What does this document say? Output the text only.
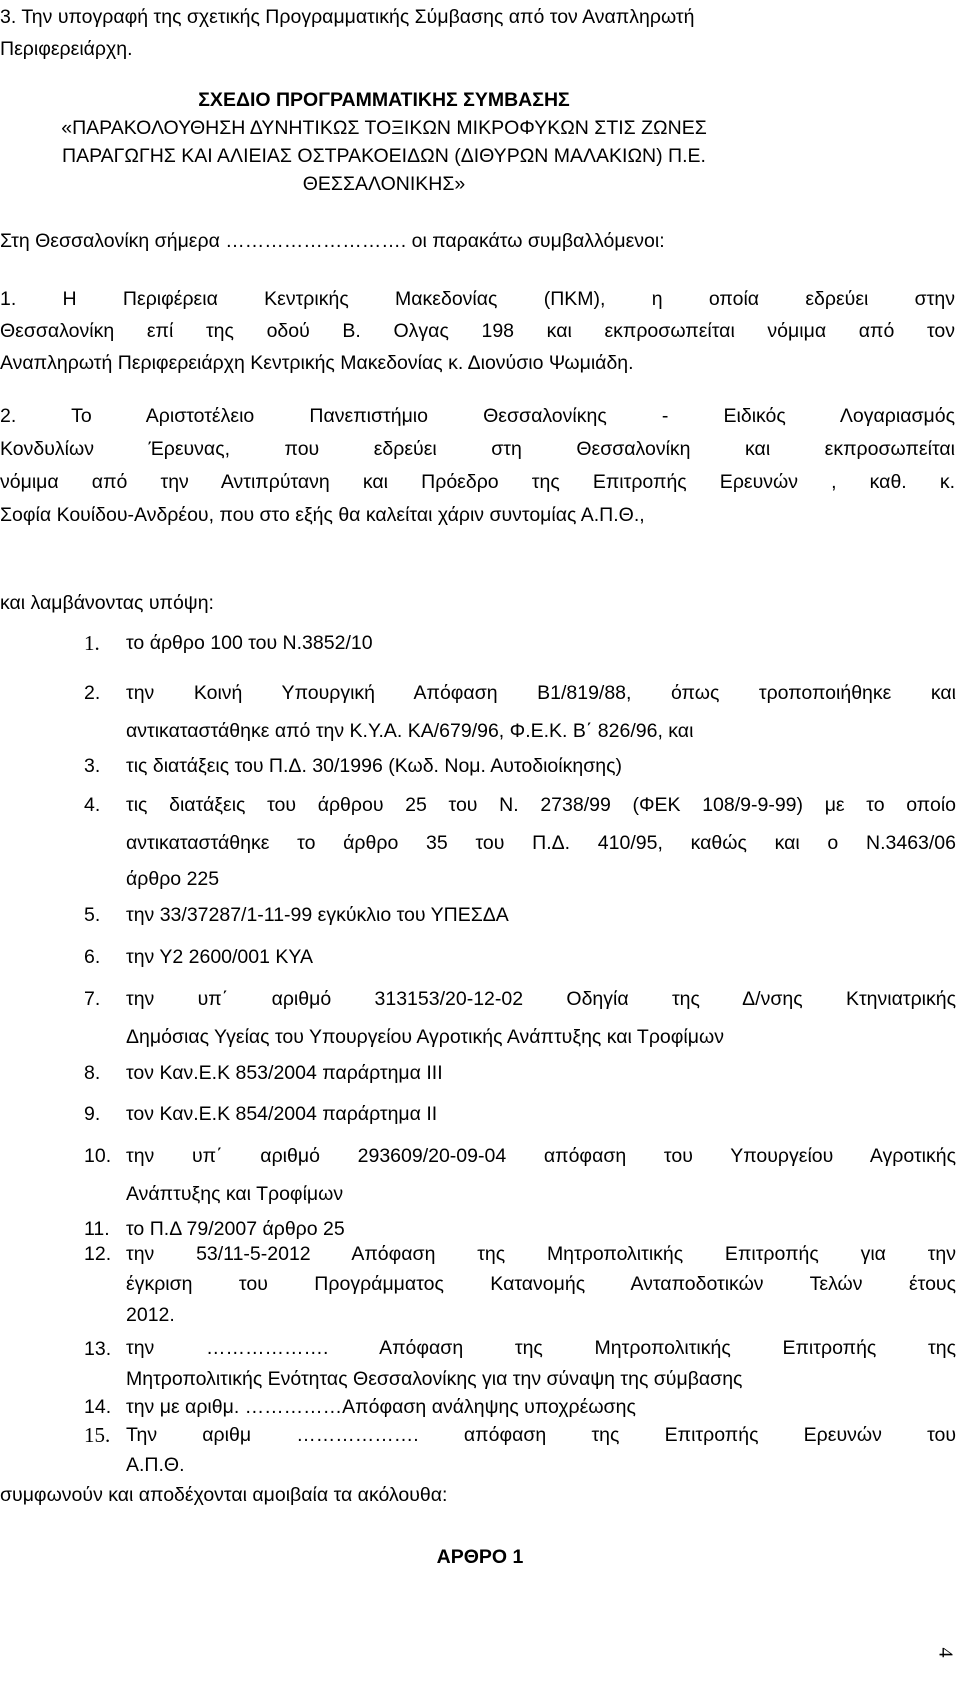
3. Την υπογραφή της σχετικής Προγραμματικής Σύμβασης από τον Αναπληρωτή
Περιφερειάρχη.
ΣΧΕΔΙΟ ΠΡΟΓΡΑΜΜΑΤΙΚΗΣ ΣΥΜΒΑΣΗΣ
«ΠΑΡΑΚΟΛΟΥΘΗΣΗ ΔΥΝΗΤΙΚΩΣ ΤΟΞΙΚΩΝ ΜΙΚΡΟΦΥΚΩΝ ΣΤΙΣ ΖΩΝΕΣ
ΠΑΡΑΓΩΓΗΣ ΚΑΙ ΑΛΙΕΙΑΣ ΟΣΤΡΑΚΟΕΙΔΩΝ (ΔΙΘΥΡΩΝ ΜΑΛΑΚΙΩΝ) Π.Ε.
ΘΕΣΣΑΛΟΝΙΚΗΣ»
Στη Θεσσαλονίκη σήμερα ………………………. οι παρακάτω συμβαλλόμενοι:
1. Η Περιφέρεια Κεντρικής Μακεδονίας (ΠΚΜ), η οποία εδρεύει στην
Θεσσαλονίκη επί της οδού Β. Ολγας 198 και εκπροσωπείται νόμιμα από τον
Αναπληρωτή Περιφερειάρχη Κεντρικής Μακεδονίας κ. Διονύσιο Ψωμιάδη.
2. Το Αριστοτέλειο Πανεπιστήμιο Θεσσαλονίκης - Ειδικός Λογαριασμός
Κονδυλίων Έρευνας, που εδρεύει στη Θεσσαλονίκη και εκπροσωπείται
νόμιμα από την Αντιπρύτανη και Πρόεδρο της Επιτροπής Ερευνών , καθ. κ.
Σοφία Κουίδου-Ανδρέου, που στο εξής θα καλείται χάριν συντομίας Α.Π.Θ.,
και λαμβάνοντας υπόψη:
1. το άρθρο 100 του Ν.3852/10
2. την Κοινή Υπουργική Απόφαση Β1/819/88, όπως τροποποιήθηκε και
αντικαταστάθηκε από την Κ.Υ.Α. ΚΑ/679/96, Φ.Ε.Κ. Β΄ 826/96, και
3. τις διατάξεις του Π.Δ. 30/1996 (Κωδ. Νομ. Αυτοδιοίκησης)
4. τις διατάξεις του άρθρου 25 του Ν. 2738/99 (ΦΕΚ 108/9-9-99) με το οποίο
αντικαταστάθηκε το άρθρο 35 του Π.Δ. 410/95, καθώς και ο Ν.3463/06
άρθρο 225
5. την 33/37287/1-11-99 εγκύκλιο του ΥΠΕΣΔΑ
6. την Υ2 2600/001 ΚΥΑ
7. την υπ΄ αριθμό 313153/20-12-02 Οδηγία της Δ/νσης Κτηνιατρικής
Δημόσιας Υγείας του Υπουργείου Αγροτικής Ανάπτυξης και Τροφίμων
8. τον Καν.Ε.Κ 853/2004 παράρτημα ΙΙΙ
9. τον Καν.Ε.Κ 854/2004 παράρτημα ΙΙ
10. την υπ΄ αριθμό 293609/20-09-04 απόφαση του Υπουργείου Αγροτικής
Ανάπτυξης και Τροφίμων
11. το Π.Δ 79/2007 άρθρο 25
12. την 53/11-5-2012 Απόφαση της Μητροπολιτικής Επιτροπής για την
έγκριση του Προγράμματος Κατανομής Ανταποδοτικών Τελών έτους
2012.
13. την ………………. Απόφαση της Μητροπολιτικής Επιτροπής της
Μητροπολιτικής Ενότητας Θεσσαλονίκης για την σύναψη της σύμβασης
14. την με αριθμ. ……………Απόφαση ανάληψης υποχρέωσης
15. Την αριθμ ………………. απόφαση της Επιτροπής Ερευνών του
Α.Π.Θ.
συμφωνούν και αποδέχονται αμοιβαία τα ακόλουθα:
ΑΡΘΡΟ 1
4
